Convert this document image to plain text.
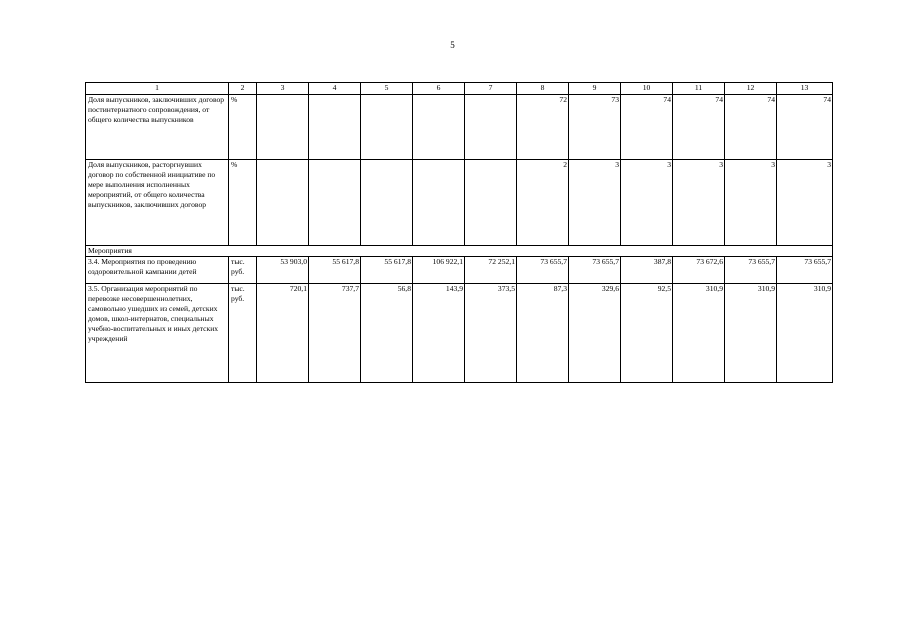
5
1	2	3	4	5	6	7	8	9	10	11	12	13
Доля выпускников, заключивших договор постинтернатного сопровождения, от общего количества выпускников	%						72	73	74	74	74	74
Доля выпускников, расторгнувших договор по собственной инициативе по мере выполнения исполненных мероприятий, от общего количества выпускников, заключивших договор	%						2	3	3	3	3	3
Мероприятия												
3.4. Мероприятия по проведению оздоровительной кампании детей	тыс. руб.	53 903,0	55 617,8	55 617,8	106 922,1	72 252,1	73 655,7	73 655,7	387,8	73 672,6	73 655,7	73 655,7
3.5. Организация мероприятий по перевозке несовершеннолетних, самовольно ушедших из семей, детских домов, школ-интернатов, специальных учебно-воспитательных и иных детских учреждений	тыс. руб.	720,1	737,7	56,8	143,9	373,5	87,3	329,6	92,5	310,9	310,9	310,9
